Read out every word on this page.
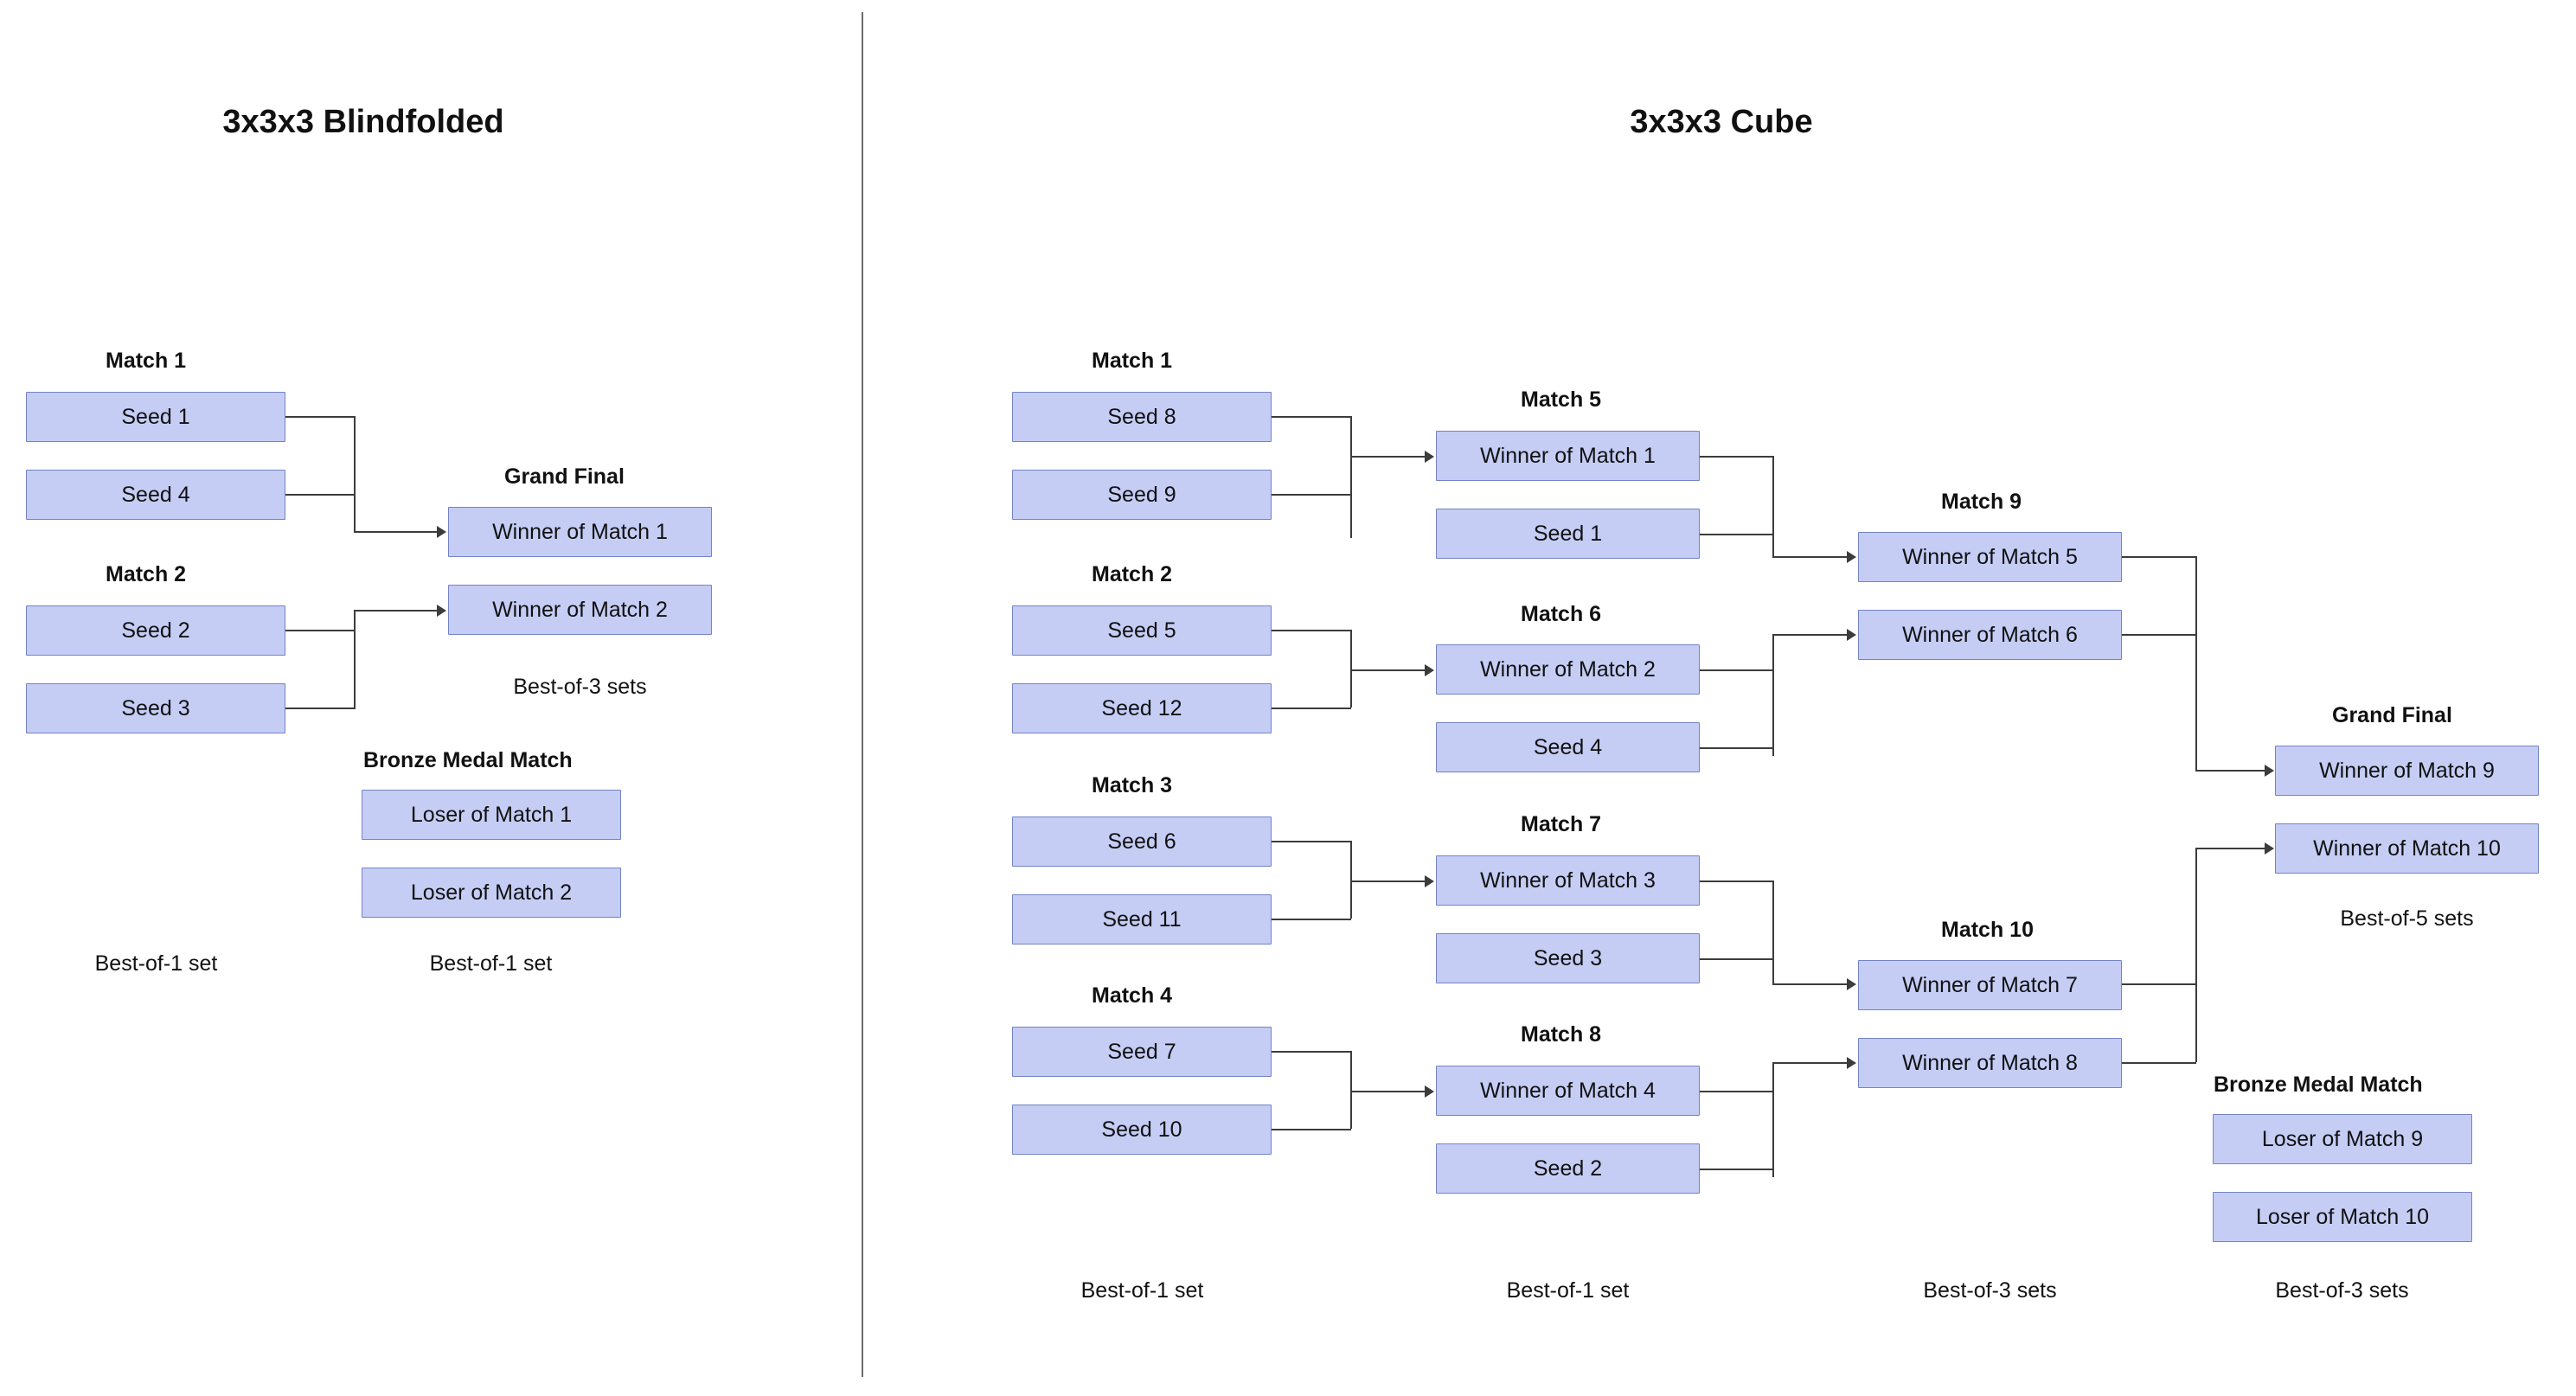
3x3x3 Blindfolded
Match 1
Seed 1
Seed 4
Match 2
Seed 2
Seed 3
Grand Final
Winner of Match 1
Winner of Match 2
Best-of-3 sets
Bronze Medal Match
Loser of Match 1
Loser of Match 2
Best-of-1 set	Best-of-1 set
3x3x3 Cube
Match 1
Match 2
Match 3
Match 4
Seed 8
Seed 9
Seed 5
Seed 12
Seed 6
Seed 11
Seed 7
Seed 10
Match 5
Match 6
Match 7
Match 8
Winner of Match 1
Seed 1
Winner of Match 2
Seed 4
Winner of Match 3
Seed 3
Winner of Match 4
Seed 2
Match 9
Match 10
Winner of Match 5
Winner of Match 6
Winner of Match 7
Winner of Match 8
Grand Final
Winner of Match 9
Winner of Match 10
Best-of-5 sets
Bronze Medal Match
Loser of Match 9
Loser of Match 10
Best-of-1 set	Best-of-1 set	Best-of-3 sets	Best-of-3 sets
